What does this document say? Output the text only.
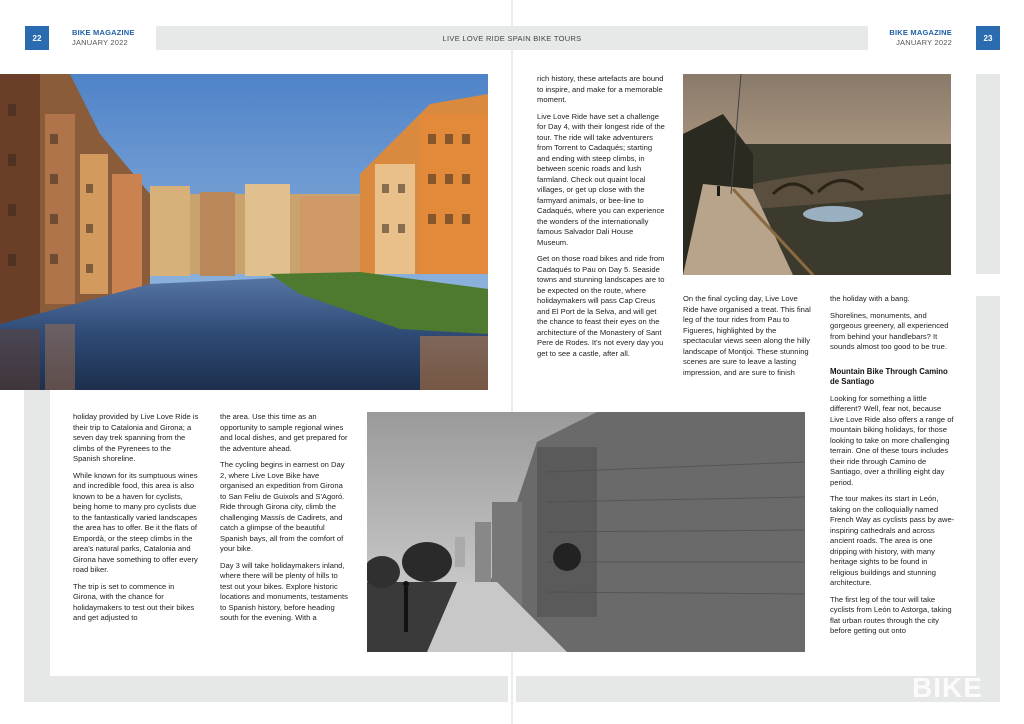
22
BIKE MAGAZINE
JANUARY 2022	LIVE LOVE RIDE SPAIN BIKE TOURS
BIKE MAGAZINE
JANUARY 2022	23

holiday provided by Live Love Ride is their trip to Catalonia and Girona; a seven day trek spanning from the climbs of the Pyrenees to the Spanish shoreline.

While known for its sumptuous wines and incredible food, this area is also known to be a haven for cyclists, being home to many pro cyclists due to the fantastically varied landscapes the area has to offer. Be it the flats of Empordà, or the steep climbs in the area's natural parks, Catalonia and Girona have something to offer every road biker.

The trip is set to commence in Girona, with the chance for holidaymakers to test out their bikes and get adjusted to

the area. Use this time as an opportunity to sample regional wines and local dishes, and get prepared for the adventure ahead.

The cycling begins in earnest on Day 2, where Live Love Bike have organised an expedition from Girona to San Feliu de Guixols and S'Agoró. Ride through Girona city, climb the challenging Massís de Cadirets, and catch a glimpse of the beautiful Spanish bays, all from the comfort of your bike.

Day 3 will take holidaymakers inland, where there will be plenty of hills to test out your bikes. Explore historic locations and monuments, testaments to Spanish history, before heading south for the evening. With a

rich history, these artefacts are bound to inspire, and make for a memorable moment.

Live Love Ride have set a challenge for Day 4, with their longest ride of the tour. The ride will take adventurers from Torrent to Cadaqués; starting and ending with steep climbs, in between scenic roads and lush farmland. Check out quaint local villages, or get up close with the farmyard animals, or bee-line to Cadaqués, where you can experience the wonders of the internationally famous Salvador Dali House Museum.

Get on those road bikes and ride from Cadaqués to Pau on Day 5. Seaside towns and stunning landscapes are to be expected on the route, where holidaymakers will pass Cap Creus and El Port de la Selva, and will get the chance to feast their eyes on the architecture of the Monastery of Sant Pere de Rodes. It's not every day you get to see a castle, after all.

On the final cycling day, Live Love Ride have organised a treat. This final leg of the tour rides from Pau to Figueres, highlighted by the spectacular views seen along the hilly landscape of Montjoi. These stunning scenes are sure to leave a lasting impression, and are sure to finish

the holiday with a bang.

Shorelines, monuments, and gorgeous greenery, all experienced from behind your handlebars? It sounds almost too good to be true.

Mountain Bike Through Camino de Santiago

Looking for something a little different? Well, fear not, because Live Love Ride also offers a range of mountain biking holidays, for those looking to take on more challenging terrain. One of these tours includes their ride through Camino de Santiago, over a thrilling eight day period.

The tour makes its start in León, taking on the colloquially named French Way as cyclists pass by awe-inspiring cathedrals and across ancient roads. The area is one dripping with history, with many heritage sights to be found in religious buildings and stunning architecture.

The first leg of the tour will take cyclists from León to Astorga, taking flat urban routes through the city before getting out onto

BIKE
